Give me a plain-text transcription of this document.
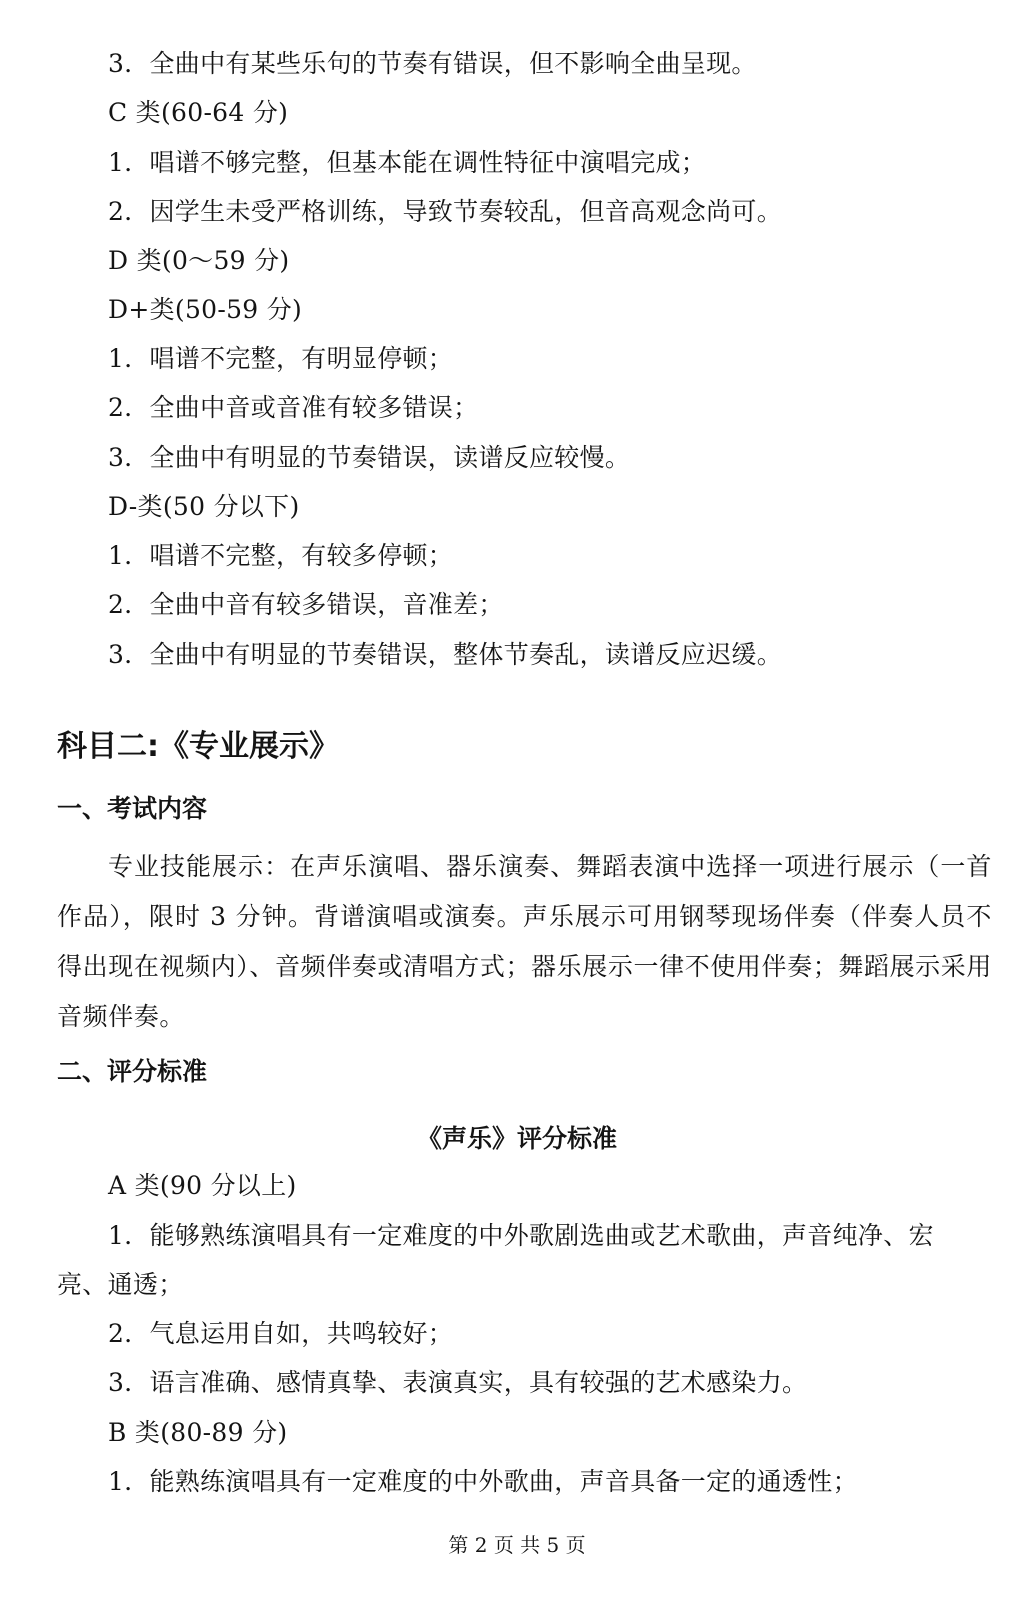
3．全曲中有某些乐句的节奏有错误，但不影响全曲呈现。
C 类(60-64 分)
1．唱谱不够完整，但基本能在调性特征中演唱完成；
2．因学生未受严格训练，导致节奏较乱，但音高观念尚可。
D 类(0～59 分)
D+类(50-59 分)
1．唱谱不完整，有明显停顿；
2．全曲中音或音准有较多错误；
3．全曲中有明显的节奏错误，读谱反应较慢。
D-类(50 分以下)
1．唱谱不完整，有较多停顿；
2．全曲中音有较多错误，音准差；
3．全曲中有明显的节奏错误，整体节奏乱，读谱反应迟缓。
科目二:《专业展示》
一、考试内容
专业技能展示：在声乐演唱、器乐演奏、舞蹈表演中选择一项进行展示（一首作品），限时 3 分钟。背谱演唱或演奏。声乐展示可用钢琴现场伴奏（伴奏人员不得出现在视频内）、音频伴奏或清唱方式；器乐展示一律不使用伴奏；舞蹈展示采用音频伴奏。
二、评分标准
《声乐》评分标准
A 类(90 分以上)
1．能够熟练演唱具有一定难度的中外歌剧选曲或艺术歌曲，声音纯净、宏
亮、通透；
2．气息运用自如，共鸣较好；
3．语言准确、感情真挚、表演真实，具有较强的艺术感染力。
B 类(80-89 分)
1．能熟练演唱具有一定难度的中外歌曲，声音具备一定的通透性；
第 2 页 共 5 页
